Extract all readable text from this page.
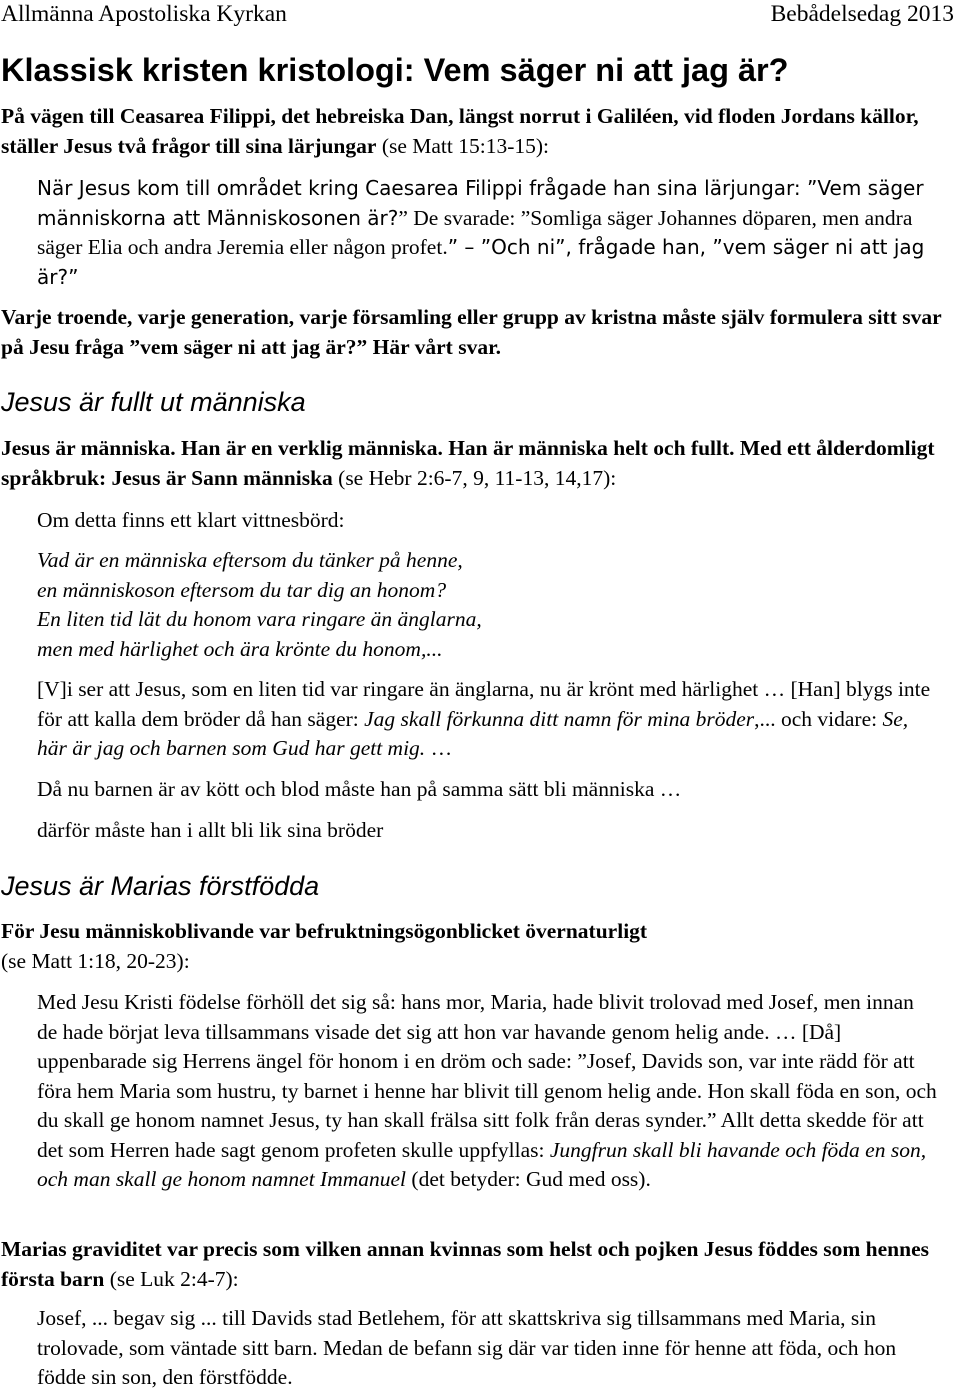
Allmänna Apostoliska Kyrkan	Bebådelsedag 2013
Klassisk kristen kristologi: Vem säger ni att jag är?

På vägen till Ceasarea Filippi, det hebreiska Dan, längst norrut i Galiléen, vid floden Jordans källor, ställer Jesus två frågor till sina lärjungar (se Matt 15:13-15):

När Jesus kom till området kring Caesarea Filippi frågade han sina lärjungar: ”Vem säger människorna att Människosonen är?” De svarade: ”Somliga säger Johannes döparen, men andra säger Elia och andra Jeremia eller någon profet.” – ”Och ni”, frågade han, ”vem säger ni att jag är?”

Varje troende, varje generation, varje församling eller grupp av kristna måste själv formulera sitt svar på Jesu fråga ”vem säger ni att jag är?” Här vårt svar.

Jesus är fullt ut människa

Jesus är människa. Han är en verklig människa. Han är människa helt och fullt. Med ett ålderdomligt språkbruk: Jesus är Sann människa (se Hebr 2:6-7, 9, 11-13, 14,17):

Om detta finns ett klart vittnesbörd:

Vad är en människa eftersom du tänker på henne,

en människoson eftersom du tar dig an honom?

En liten tid lät du honom vara ringare än änglarna,

men med härlighet och ära krönte du honom,...

[V]i ser att Jesus, som en liten tid var ringare än änglarna, nu är krönt med härlighet … [Han] blygs inte för att kalla dem bröder då han säger: Jag skall förkunna ditt namn för mina bröder,... och vidare: Se, här är jag och barnen som Gud har gett mig. …

Då nu barnen är av kött och blod måste han på samma sätt bli människa …

därför måste han i allt bli lik sina bröder

Jesus är Marias förstfödda

För Jesu människoblivande var befruktningsögonblicket övernaturligt

(se Matt 1:18, 20-23):

Med Jesu Kristi födelse förhöll det sig så: hans mor, Maria, hade blivit trolovad med Josef, men innan de hade börjat leva tillsammans visade det sig att hon var havande genom helig ande. … [Då] uppenbarade sig Herrens ängel för honom i en dröm och sade: ”Josef, Davids son, var inte rädd för att föra hem Maria som hustru, ty barnet i henne har blivit till genom helig ande. Hon skall föda en son, och du skall ge honom namnet Jesus, ty han skall frälsa sitt folk från deras synder.” Allt detta skedde för att det som Herren hade sagt genom profeten skulle uppfyllas: Jungfrun skall bli havande och föda en son, och man skall ge honom namnet Immanuel (det betyder: Gud med oss).

Marias graviditet var precis som vilken annan kvinnas som helst och pojken Jesus föddes som hennes första barn (se Luk 2:4-7):

Josef, ... begav sig ... till Davids stad Betlehem, för att skattskriva sig tillsammans med Maria, sin trolovade, som väntade sitt barn. Medan de befann sig där var tiden inne för henne att föda, och hon födde sin son, den förstfödde.
